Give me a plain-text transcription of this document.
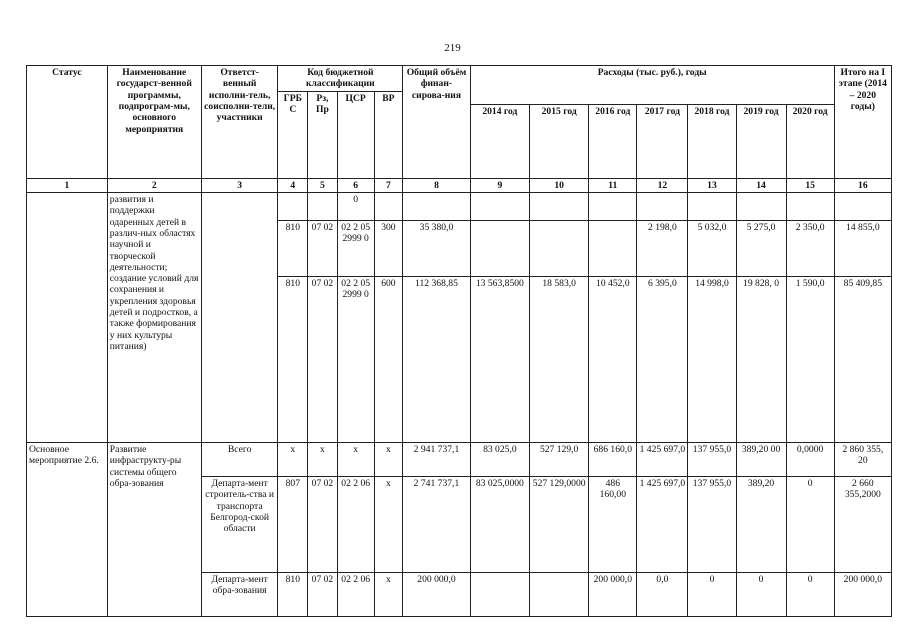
219
Статус	Наименование государст-венной программы, подпрограм-мы, основного мероприятия	Ответст-венный исполни-тель, соисполни-тели, участники	Код бюджетной классификации				Общий объём финан-сирова-ния	Расходы (тыс. руб.), годы							Итого на I этапе (2014 – 2020 годы)
			ГРБ С	Рз, Пр	ЦСР	ВР									
								2014 год	2015 год	2016 год	2017 год	2018 год	2019 год	2020 год	
1	2	3	4	5	6	7	8	9	10	11	12	13	14	15	16
	развития и поддержки одаренных детей в различ-ных областях научной и творческой деятельности; создание условий для сохранения и укрепления здоровья детей и подростков, а также формирования у них культуры питания)				0										
			810	07 02	02 2 05 2999 0	300	35 380,0				2 198,0	5 032,0	5 275,0	2 350,0	14 855,0
			810	07 02	02 2 05 2999 0	600	112 368,85	13 563,8500	18 583,0	10 452,0	6 395,0	14 998,0	19 828, 0	1 590,0	85 409,85
Основное мероприятие 2.6.	Развитие инфраструкту-ры системы общего обра-зования	Всего	х	х	х	х	2 941 737,1	83 025,0	527 129,0	686 160,0	1 425 697,0	137 955,0	389,20 00	0,0000	2 860 355, 20
		Департа-мент строитель-ства и транспорта Белгород-ской области	807	07 02	02 2 06	х	2 741 737,1	83 025,0000	527 129,0000	486 160,00	1 425 697,0	137 955,0	389,20	0	2 660 355,2000
		Департа-мент обра-зования	810	07 02	02 2 06	х	200 000,0			200 000,0	0,0	0	0	0	200 000,0
